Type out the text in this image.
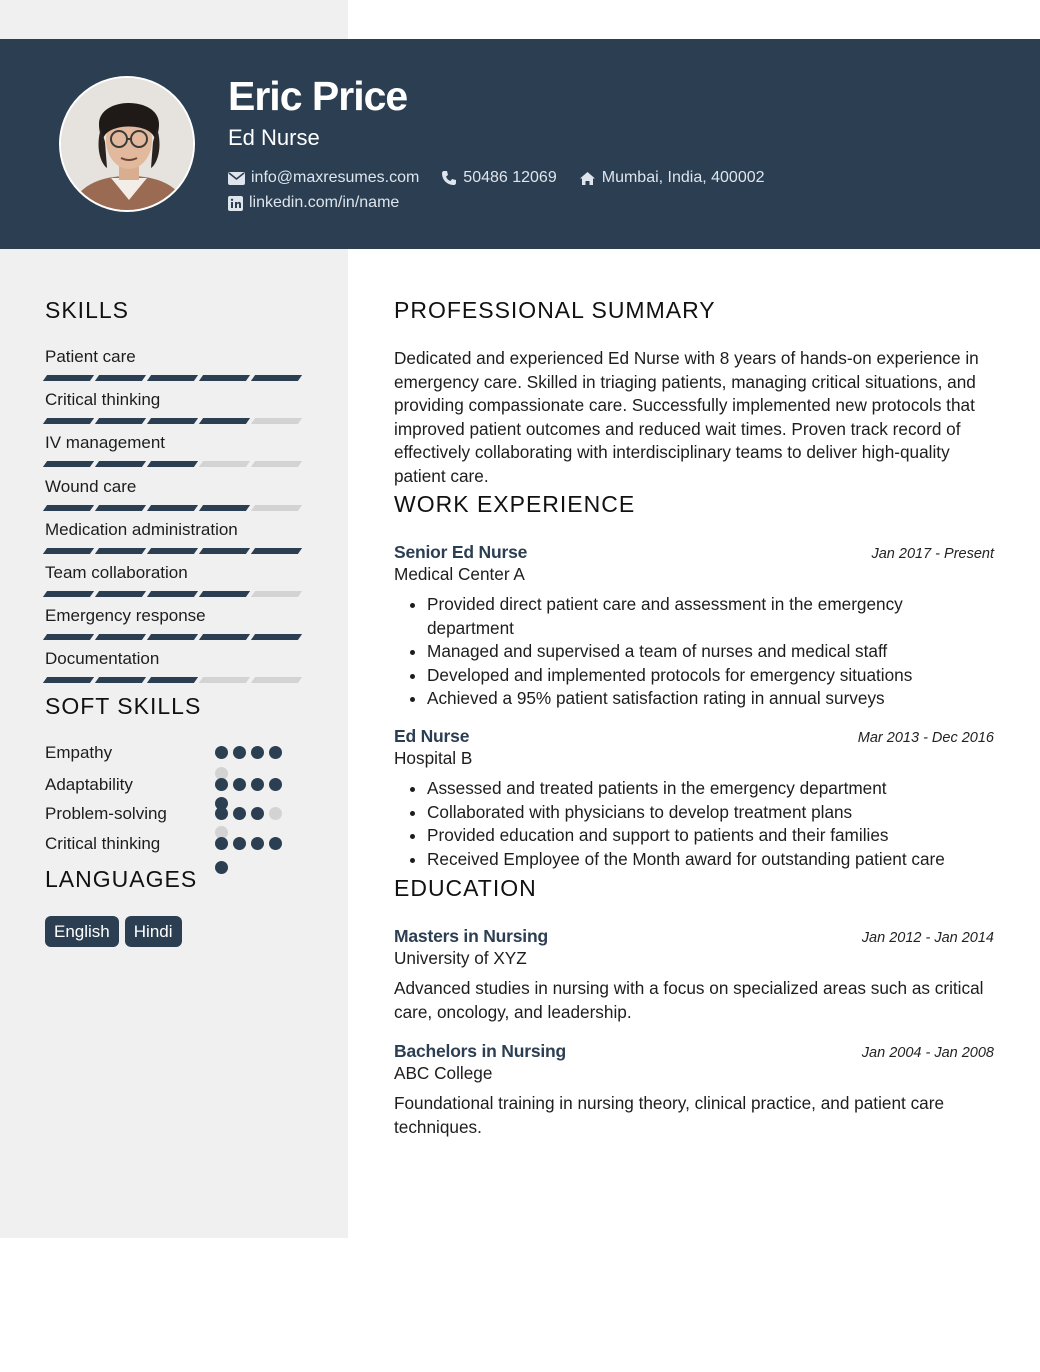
Eric Price
Ed Nurse
info@maxresumes.com	50486 12069	Mumbai, India, 400002
linkedin.com/in/name
SKILLS
Patient care
Critical thinking
IV management
Wound care
Medication administration
Team collaboration
Emergency response
Documentation
SOFT SKILLS
Empathy
Adaptability
Problem-solving
Critical thinking
LANGUAGES
English	Hindi
PROFESSIONAL SUMMARY
Dedicated and experienced Ed Nurse with 8 years of hands-on experience in emergency care. Skilled in triaging patients, managing critical situations, and providing compassionate care. Successfully implemented new protocols that improved patient outcomes and reduced wait times. Proven track record of effectively collaborating with interdisciplinary teams to deliver high-quality patient care.
WORK EXPERIENCE
Senior Ed Nurse	Jan 2017 - Present
Medical Center A
• Provided direct patient care and assessment in the emergency department
• Managed and supervised a team of nurses and medical staff
• Developed and implemented protocols for emergency situations
• Achieved a 95% patient satisfaction rating in annual surveys
Ed Nurse	Mar 2013 - Dec 2016
Hospital B
• Assessed and treated patients in the emergency department
• Collaborated with physicians to develop treatment plans
• Provided education and support to patients and their families
• Received Employee of the Month award for outstanding patient care
EDUCATION
Masters in Nursing	Jan 2012 - Jan 2014
University of XYZ
Advanced studies in nursing with a focus on specialized areas such as critical care, oncology, and leadership.
Bachelors in Nursing	Jan 2004 - Jan 2008
ABC College
Foundational training in nursing theory, clinical practice, and patient care techniques.
